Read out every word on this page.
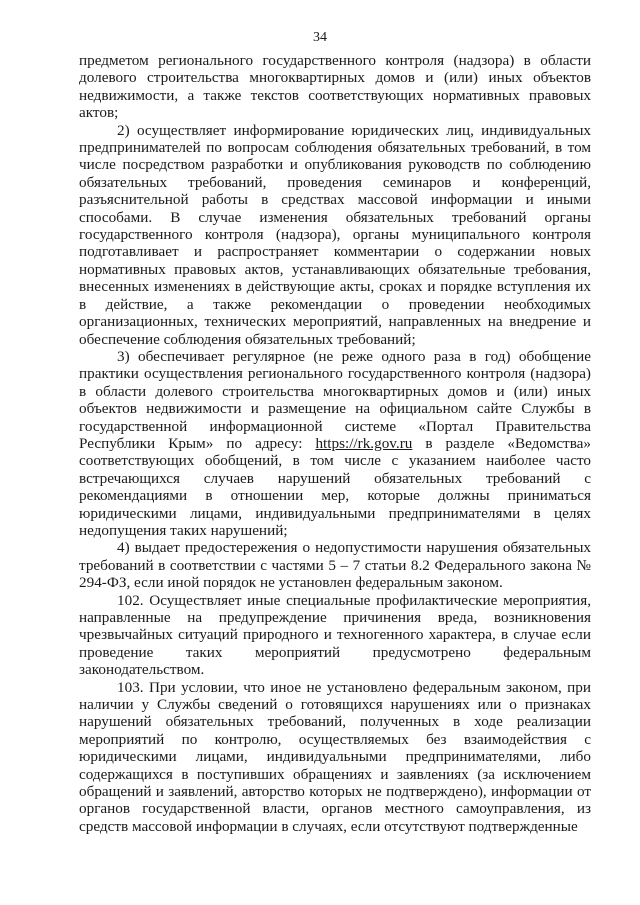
34

предметом регионального государственного контроля (надзора) в области долевого строительства многоквартирных домов и (или) иных объектов недвижимости, а также текстов соответствующих нормативных правовых актов;

2) осуществляет информирование юридических лиц, индивидуальных предпринимателей по вопросам соблюдения обязательных требований, в том числе посредством разработки и опубликования руководств по соблюдению обязательных требований, проведения семинаров и конференций, разъяснительной работы в средствах массовой информации и иными способами. В случае изменения обязательных требований органы государственного контроля (надзора), органы муниципального контроля подготавливает и распространяет комментарии о содержании новых нормативных правовых актов, устанавливающих обязательные требования, внесенных изменениях в действующие акты, сроках и порядке вступления их в действие, а также рекомендации о проведении необходимых организационных, технических мероприятий, направленных на внедрение и обеспечение соблюдения обязательных требований;

3) обеспечивает регулярное (не реже одного раза в год) обобщение практики осуществления регионального государственного контроля (надзора) в области долевого строительства многоквартирных домов и (или) иных объектов недвижимости и размещение на официальном сайте Службы в государственной информационной системе «Портал Правительства Республики Крым» по адресу: https://rk.gov.ru в разделе «Ведомства» соответствующих обобщений, в том числе с указанием наиболее часто встречающихся случаев нарушений обязательных требований с рекомендациями в отношении мер, которые должны приниматься юридическими лицами, индивидуальными предпринимателями в целях недопущения таких нарушений;

4) выдает предостережения о недопустимости нарушения обязательных требований в соответствии с частями 5 – 7 статьи 8.2 Федерального закона № 294-ФЗ, если иной порядок не установлен федеральным законом.

102. Осуществляет иные специальные профилактические мероприятия, направленные на предупреждение причинения вреда, возникновения чрезвычайных ситуаций природного и техногенного характера, в случае если проведение таких мероприятий предусмотрено федеральным законодательством.

103. При условии, что иное не установлено федеральным законом, при наличии у Службы сведений о готовящихся нарушениях или о признаках нарушений обязательных требований, полученных в ходе реализации мероприятий по контролю, осуществляемых без взаимодействия с юридическими лицами, индивидуальными предпринимателями, либо содержащихся в поступивших обращениях и заявлениях (за исключением обращений и заявлений, авторство которых не подтверждено), информации от органов государственной власти, органов местного самоуправления, из средств массовой информации в случаях, если отсутствуют подтвержденные
